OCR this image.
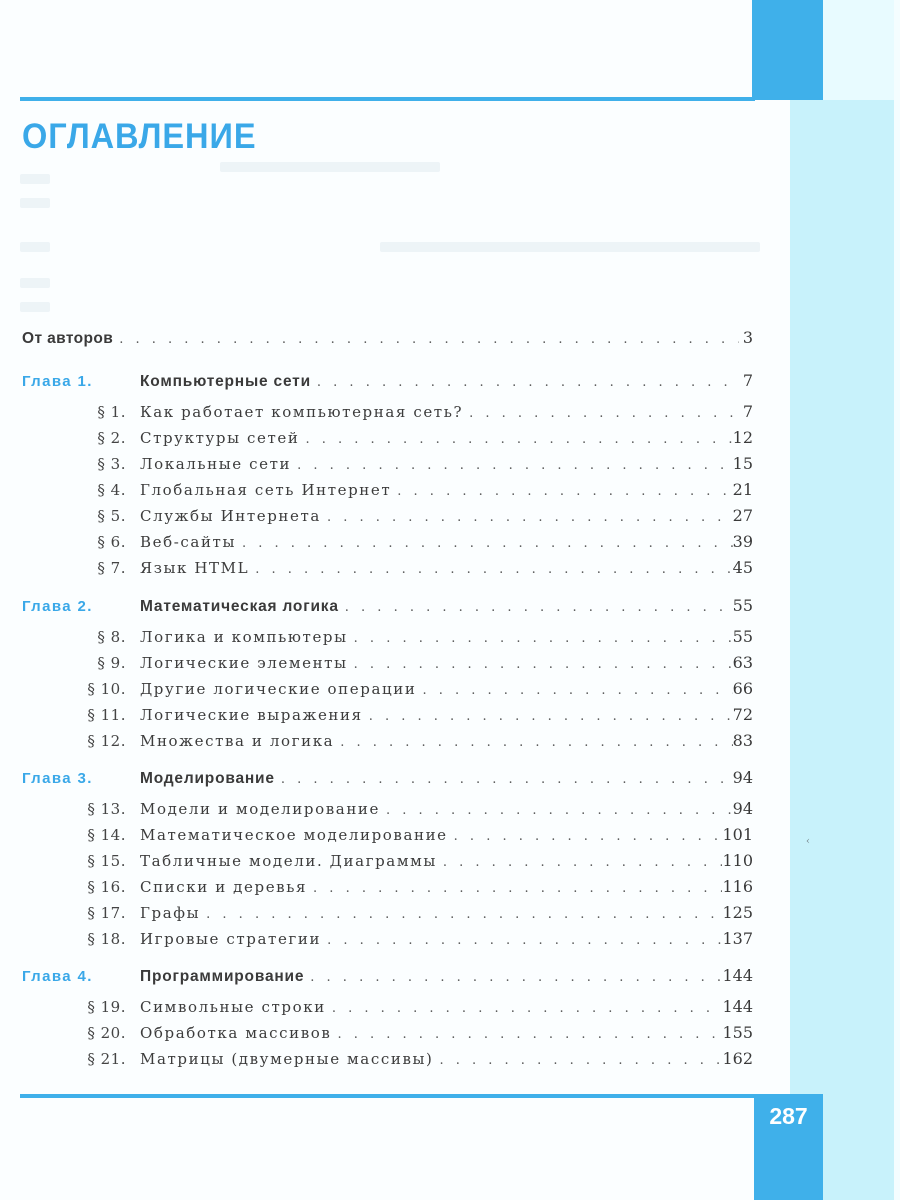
ОГЛАВЛЕНИЕ
От авторов . . .	3
Глава 1.	Компьютерные сети . . .	7
§ 1. Как работает компьютерная сеть? . . .	7
§ 2. Структуры сетей . . .	12
§ 3. Локальные сети . . .	15
§ 4. Глобальная сеть Интернет . . .	21
§ 5. Службы Интернета . . .	27
§ 6. Веб-сайты . . .	39
§ 7. Язык HTML . . .	45
Глава 2.	Математическая логика . . .	55
§ 8. Логика и компьютеры . . .	55
§ 9. Логические элементы . . .	63
§ 10. Другие логические операции . . .	66
§ 11. Логические выражения . . .	72
§ 12. Множества и логика . . .	83
Глава 3.	Моделирование . . .	94
§ 13. Модели и моделирование . . .	94
§ 14. Математическое моделирование . . .	101
§ 15. Табличные модели. Диаграммы . . .	110
§ 16. Списки и деревья . . .	116
§ 17. Графы . . .	125
§ 18. Игровые стратегии . . .	137
Глава 4.	Программирование . . .	144
§ 19. Символьные строки . . .	144
§ 20. Обработка массивов . . .	155
§ 21. Матрицы (двумерные массивы) . . .	162
‹
287
